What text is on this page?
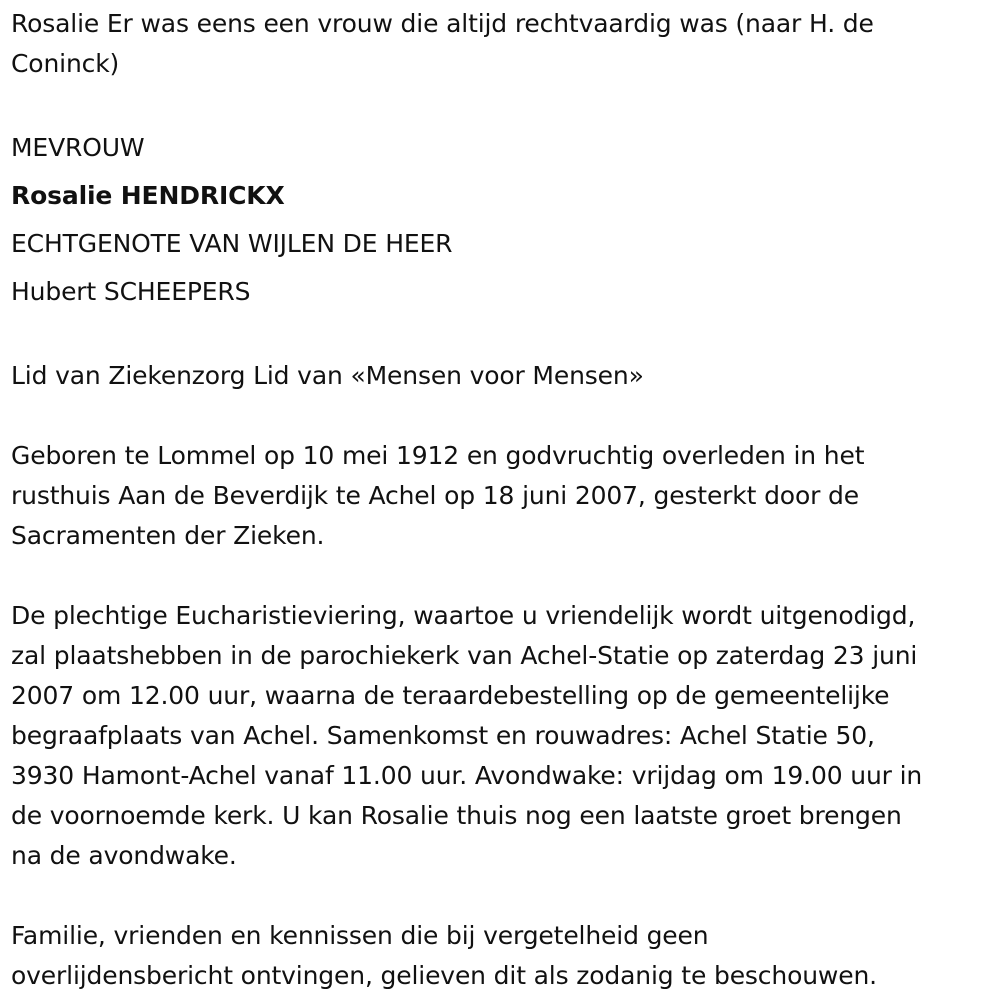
Rosalie Er was eens een vrouw die altijd rechtvaardig was (naar H. de
Coninck)
MEVROUW
Rosalie HENDRICKX
ECHTGENOTE VAN WIJLEN DE HEER
Hubert SCHEEPERS
Lid van Ziekenzorg Lid van «Mensen voor Mensen»
Geboren te Lommel op 10 mei 1912 en godvruchtig overleden in het
rusthuis Aan de Beverdijk te Achel op 18 juni 2007, gesterkt door de
Sacramenten der Zieken.
De plechtige Eucharistieviering, waartoe u vriendelijk wordt uitgenodigd,
zal plaatshebben in de parochiekerk van Achel-Statie op zaterdag 23 juni
2007 om 12.00 uur, waarna de teraardebestelling op de gemeentelijke
begraafplaats van Achel. Samenkomst en rouwadres: Achel Statie 50,
3930 Hamont-Achel vanaf 11.00 uur. Avondwake: vrijdag om 19.00 uur in
de voornoemde kerk. U kan Rosalie thuis nog een laatste groet brengen
na de avondwake.
Familie, vrienden en kennissen die bij vergetelheid geen
overlijdensbericht ontvingen, gelieven dit als zodanig te beschouwen.
